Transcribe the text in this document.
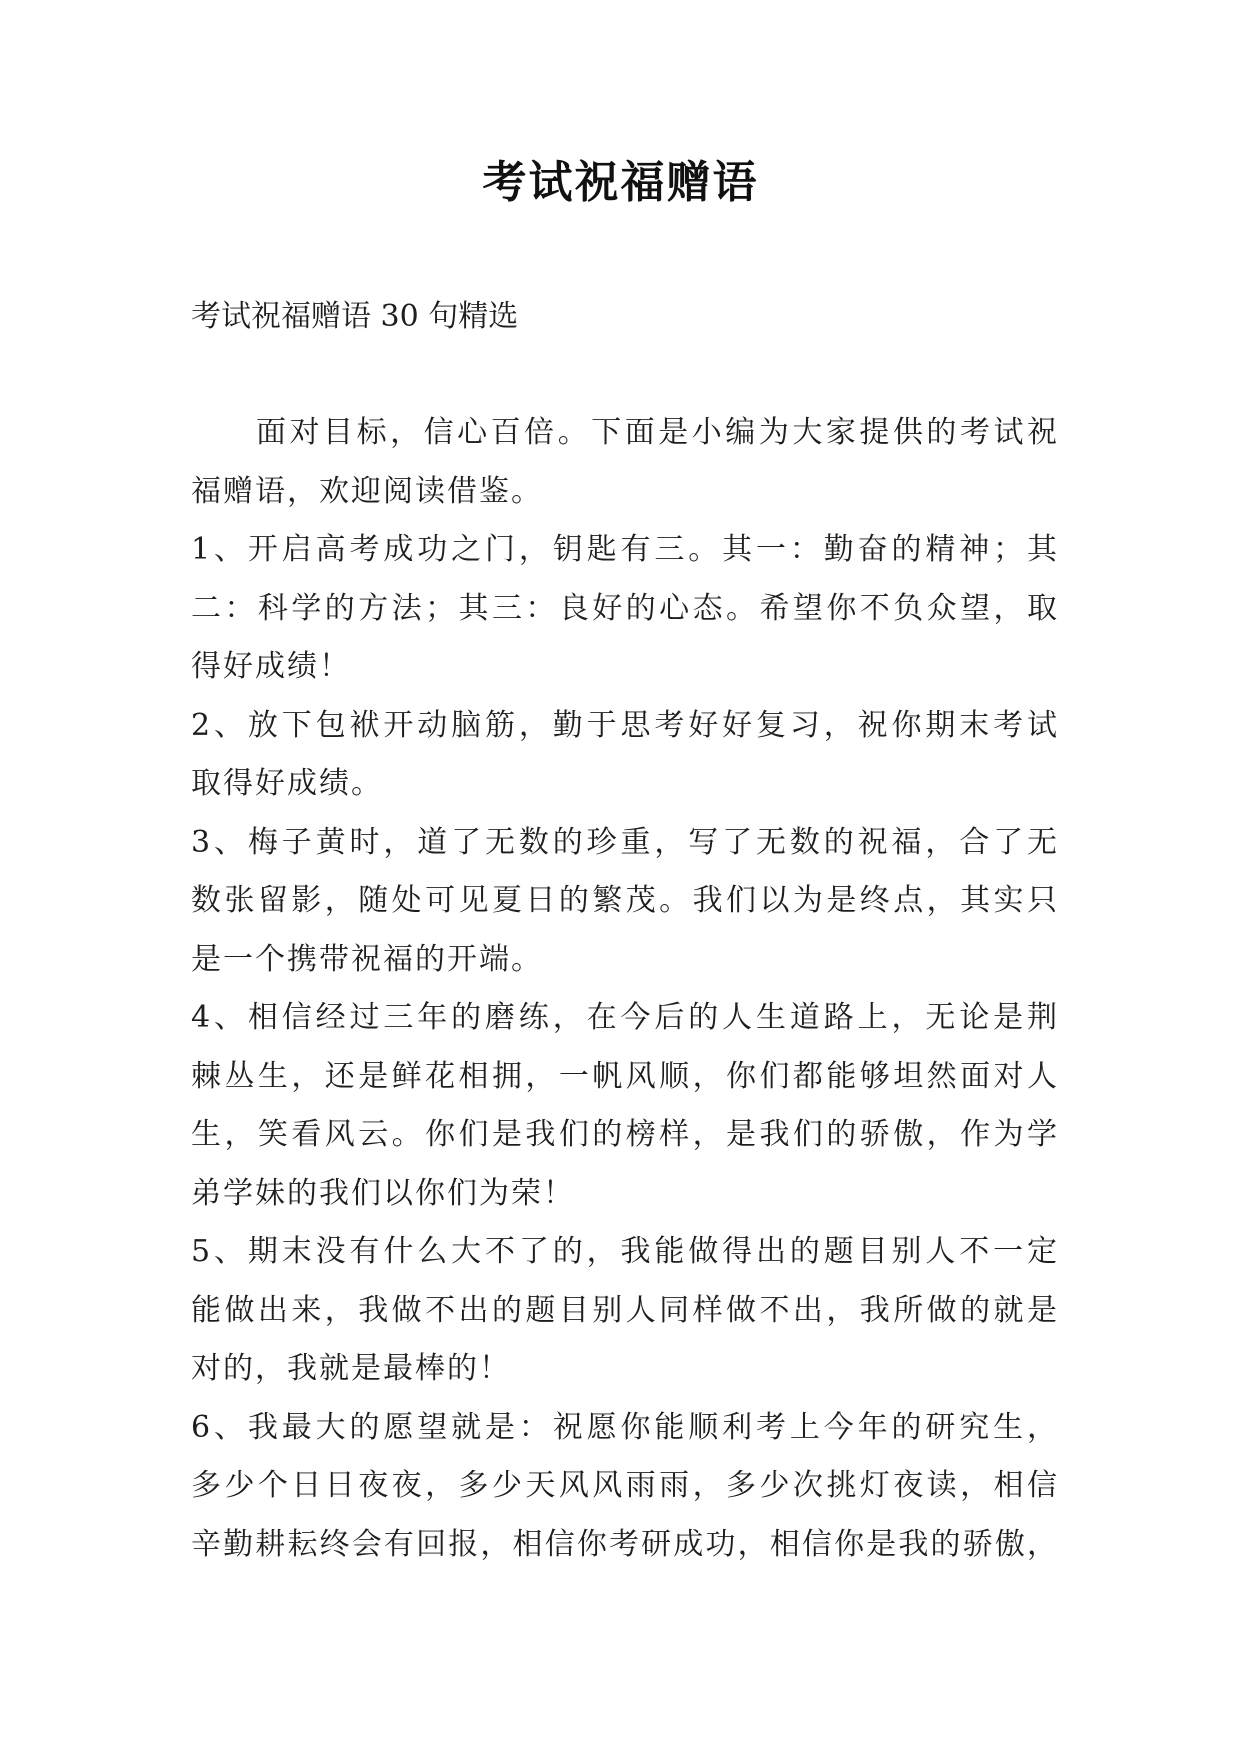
考试祝福赠语
考试祝福赠语 30 句精选
面对目标，信心百倍。下面是小编为大家提供的考试祝
福赠语，欢迎阅读借鉴。
1、开启高考成功之门，钥匙有三。其一：勤奋的精神；其
二：科学的方法；其三：良好的心态。希望你不负众望，取
得好成绩！
2、放下包袱开动脑筋，勤于思考好好复习，祝你期末考试
取得好成绩。
3、梅子黄时，道了无数的珍重，写了无数的祝福，合了无
数张留影，随处可见夏日的繁茂。我们以为是终点，其实只
是一个携带祝福的开端。
4、相信经过三年的磨练，在今后的人生道路上，无论是荆
棘丛生，还是鲜花相拥，一帆风顺，你们都能够坦然面对人
生，笑看风云。你们是我们的榜样，是我们的骄傲，作为学
弟学妹的我们以你们为荣！
5、期末没有什么大不了的，我能做得出的题目别人不一定
能做出来，我做不出的题目别人同样做不出，我所做的就是
对的，我就是最棒的！
6、我最大的愿望就是：祝愿你能顺利考上今年的研究生，
多少个日日夜夜，多少天风风雨雨，多少次挑灯夜读，相信
辛勤耕耘终会有回报，相信你考研成功，相信你是我的骄傲，
